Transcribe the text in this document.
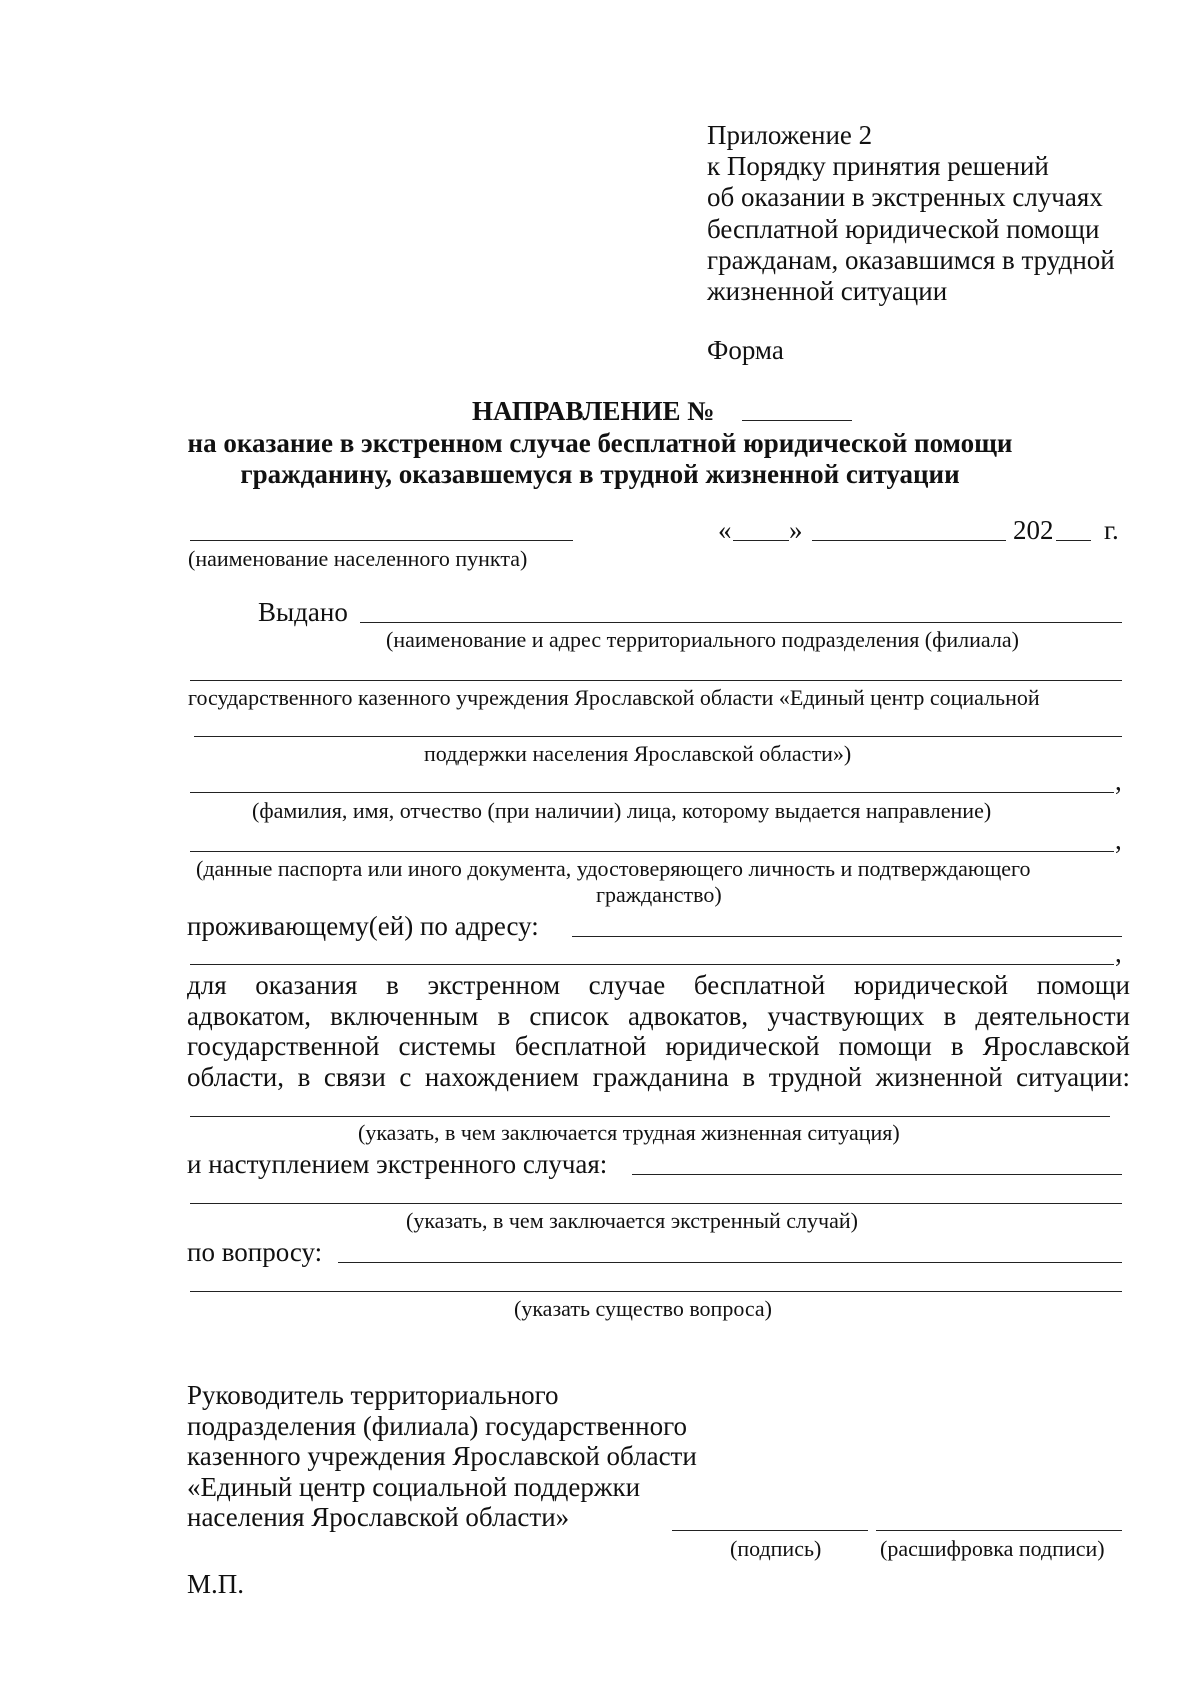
Приложение 2
к Порядку принятия решений
об оказании в экстренных случаях
бесплатной юридической помощи
гражданам, оказавшимся в трудной
жизненной ситуации
Форма
НАПРАВЛЕНИЕ №
на оказание в экстренном случае бесплатной юридической помощи
гражданину, оказавшемуся в трудной жизненной ситуации
(наименование населенного пункта)
« »	202 г.
Выдано
(наименование и адрес территориального подразделения (филиала)
государственного казенного учреждения Ярославской области «Единый центр социальной
поддержки населения Ярославской области»)
,
(фамилия, имя, отчество (при наличии) лица, которому выдается направление)
,
(данные паспорта или иного документа, удостоверяющего личность и подтверждающего
гражданство)
проживающему(ей) по адресу:
,
для оказания в экстренном случае бесплатной юридической помощи
адвокатом, включенным в список адвокатов, участвующих в деятельности
государственной системы бесплатной юридической помощи в Ярославской
области, в связи с нахождением гражданина в трудной жизненной ситуации:
(указать, в чем заключается трудная жизненная ситуация)
и наступлением экстренного случая:
(указать, в чем заключается экстренный случай)
по вопросу:
(указать существо вопроса)
Руководитель территориального
подразделения (филиала) государственного
казенного учреждения Ярославской области
«Единый центр социальной поддержки
населения Ярославской области»
(подпись)	(расшифровка подписи)
М.П.
